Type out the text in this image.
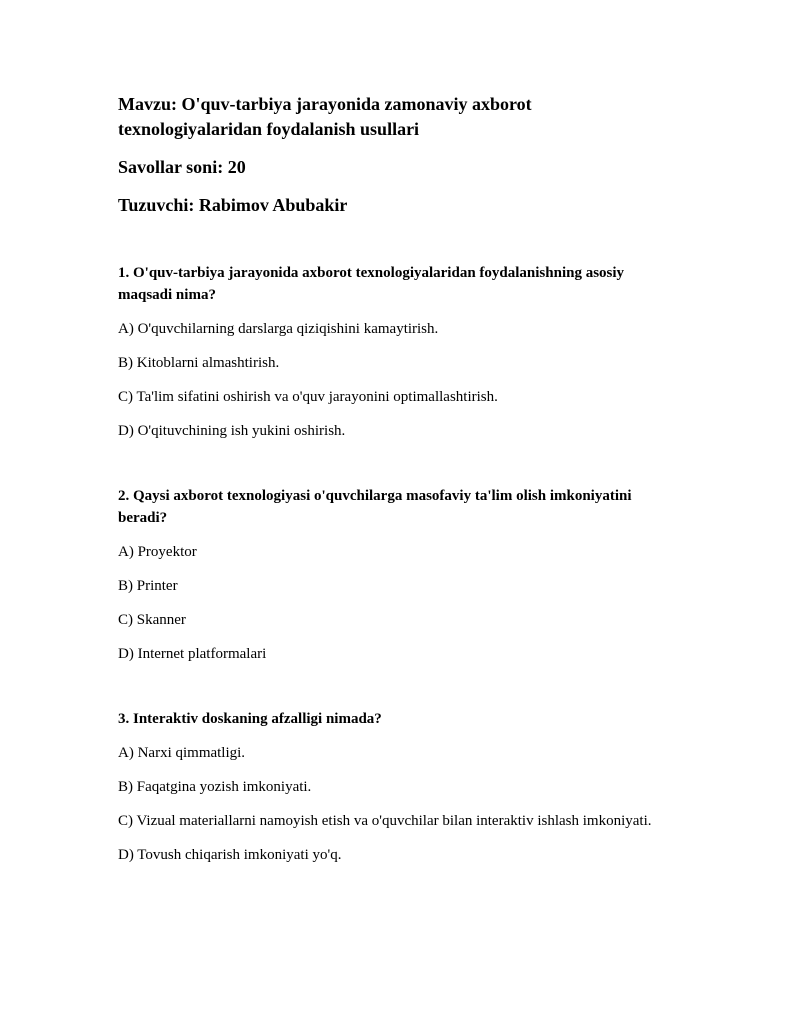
Mavzu: O'quv-tarbiya jarayonida zamonaviy axborot

texnologiyalaridan foydalanish usullari

Savollar soni: 20

Tuzuvchi: Rabimov Abubakir

1. O'quv-tarbiya jarayonida axborot texnologiyalaridan foydalanishning asosiy

maqsadi nima?

A) O'quvchilarning darslarga qiziqishini kamaytirish.

B) Kitoblarni almashtirish.

C) Ta'lim sifatini oshirish va o'quv jarayonini optimallashtirish.

D) O'qituvchining ish yukini oshirish.

2. Qaysi axborot texnologiyasi o'quvchilarga masofaviy ta'lim olish imkoniyatini

beradi?

A) Proyektor

B) Printer

C) Skanner

D) Internet platformalari

3. Interaktiv doskaning afzalligi nimada?

A) Narxi qimmatligi.

B) Faqatgina yozish imkoniyati.

C) Vizual materiallarni namoyish etish va o'quvchilar bilan interaktiv ishlash imkoniyati.

D) Tovush chiqarish imkoniyati yo'q.
